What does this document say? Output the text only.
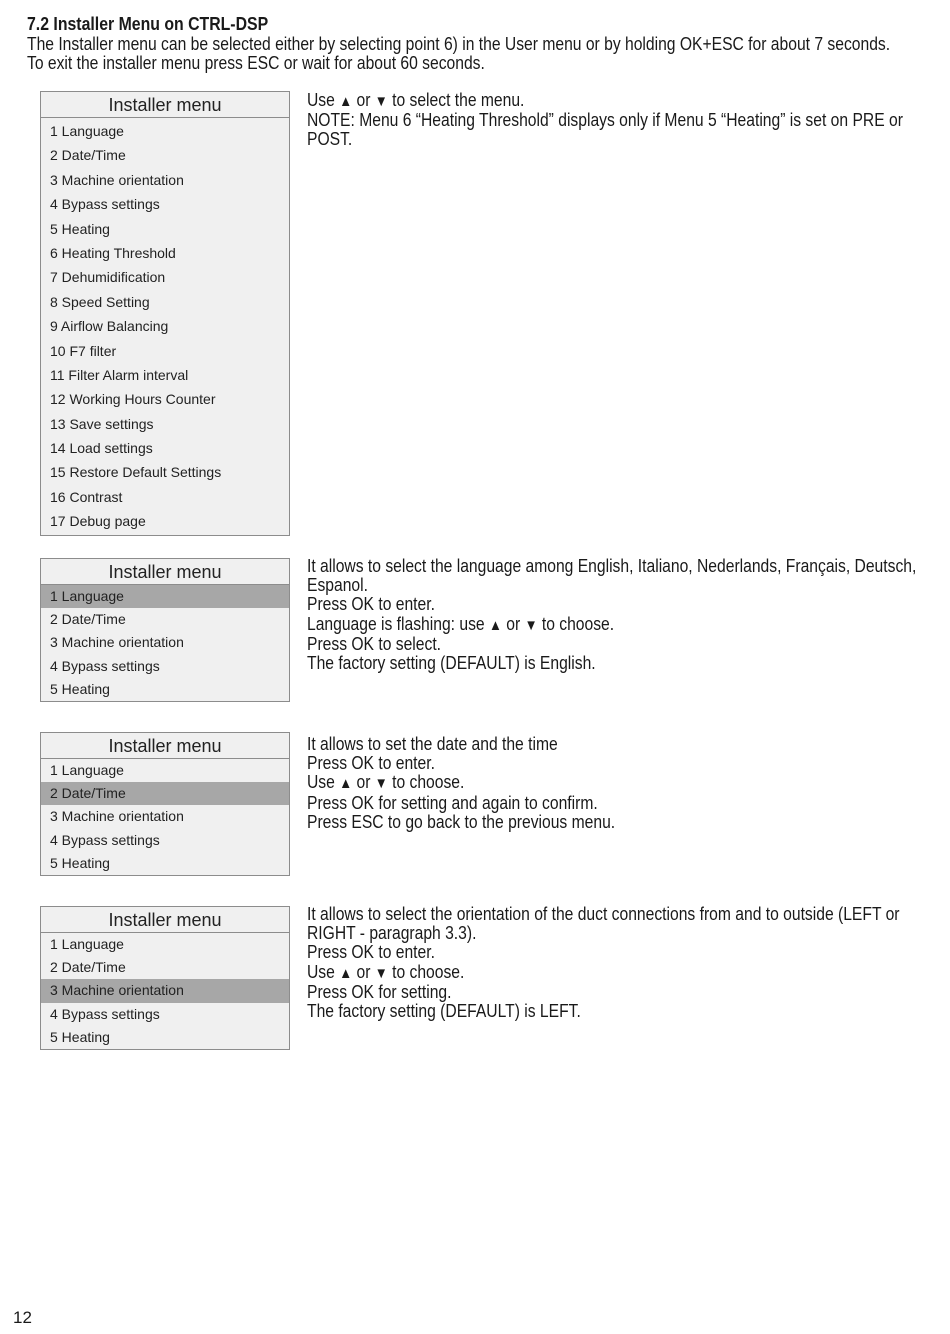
7.2 Installer Menu on CTRL-DSP
The Installer menu can be selected either by selecting point 6) in the User menu or by holding OK+ESC for about 7 seconds.
To exit the installer menu press ESC or wait for about 60 seconds.
Installer menu
1 Language
2 Date/Time
3 Machine orientation
4 Bypass settings
5 Heating
6 Heating Threshold
7 Dehumidification
8 Speed Setting
9 Airflow Balancing
10 F7 filter
11 Filter Alarm interval
12 Working Hours Counter
13 Save settings
14 Load settings
15 Restore Default Settings
16 Contrast
17 Debug page
Use ▲ or ▼ to select the menu.
NOTE: Menu 6 “Heating Threshold” displays only if Menu 5 “Heating” is set on PRE or
POST.
Installer menu
1 Language
2 Date/Time
3 Machine orientation
4 Bypass settings
5 Heating
It allows to select the language among English, Italiano, Nederlands, Français, Deutsch,
Espanol.
Press OK to enter.
Language is flashing: use ▲ or ▼ to choose.
Press OK to select.
The factory setting (DEFAULT) is English.
Installer menu
1 Language
2 Date/Time
3 Machine orientation
4 Bypass settings
5 Heating
It allows to set the date and the time
Press OK to enter.
Use ▲ or ▼ to choose.
Press OK for setting and again to confirm.
Press ESC to go back to the previous menu.
Installer menu
1 Language
2 Date/Time
3 Machine orientation
4 Bypass settings
5 Heating
It allows to select the orientation of the duct connections from and to outside (LEFT or
RIGHT - paragraph 3.3).
Press OK to enter.
Use ▲ or ▼ to choose.
Press OK for setting.
The factory setting (DEFAULT) is LEFT.
12
